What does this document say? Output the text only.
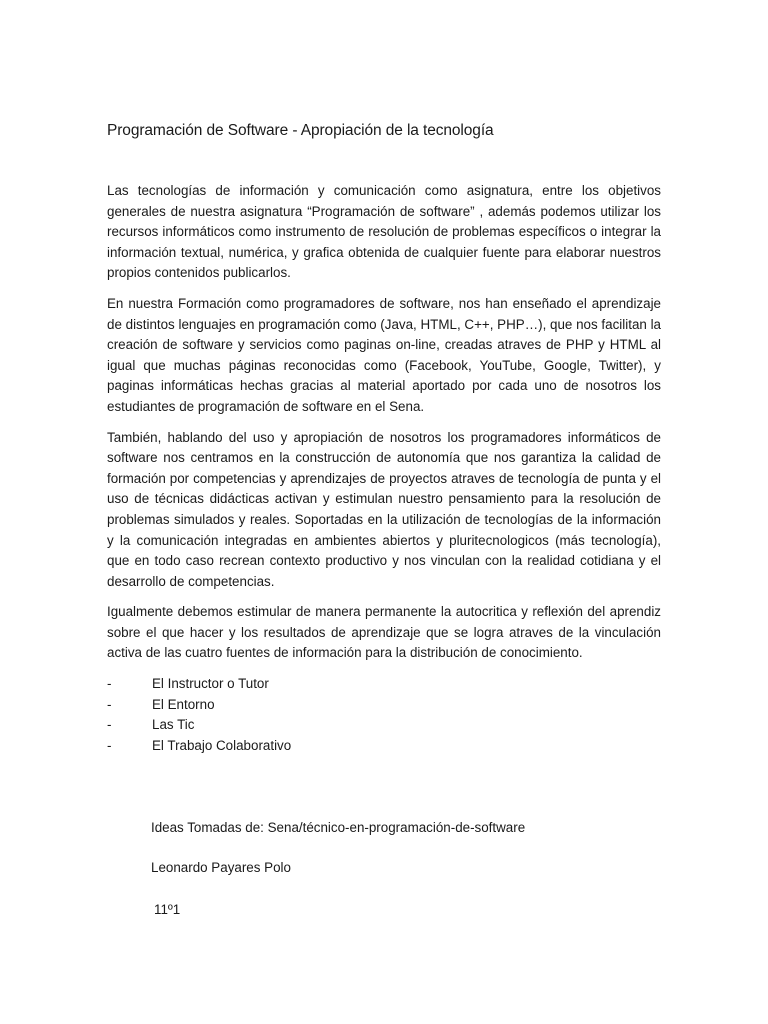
Programación de Software - Apropiación de la tecnología

Las tecnologías de información y comunicación como asignatura, entre los objetivos generales de nuestra asignatura “Programación de software” , además podemos utilizar los recursos informáticos como instrumento de resolución de problemas específicos o integrar la información textual, numérica, y grafica obtenida de cualquier fuente para elaborar nuestros propios contenidos publicarlos.

En nuestra Formación como programadores de software, nos han enseñado el aprendizaje de distintos lenguajes en programación como (Java, HTML, C++, PHP…), que nos facilitan la creación de software y servicios como paginas on-line, creadas atraves de PHP y HTML al igual que muchas páginas reconocidas como (Facebook, YouTube, Google, Twitter), y paginas informáticas hechas gracias al material aportado por cada uno de nosotros los estudiantes de programación de software en el Sena.

También, hablando del uso y apropiación de nosotros los programadores informáticos de software nos centramos en la construcción de autonomía que nos garantiza la calidad de formación por competencias y aprendizajes de proyectos atraves de tecnología de punta y el uso de técnicas didácticas activan y estimulan nuestro pensamiento para la resolución de problemas simulados y reales. Soportadas en la utilización de tecnologías de la información y la comunicación integradas en ambientes abiertos y pluritecnologicos (más tecnología), que en todo caso recrean contexto productivo y nos vinculan con la realidad cotidiana y el desarrollo de competencias.

Igualmente debemos estimular de manera permanente la autocritica y reflexión del aprendiz sobre el que hacer y los resultados de aprendizaje que se logra atraves de la vinculación activa de las cuatro fuentes de información para la distribución de conocimiento.

-	El Instructor o Tutor
-	El Entorno
-	Las Tic
-	El Trabajo Colaborativo
Ideas Tomadas de: Sena/técnico-en-programación-de-software
Leonardo Payares Polo
11º1
